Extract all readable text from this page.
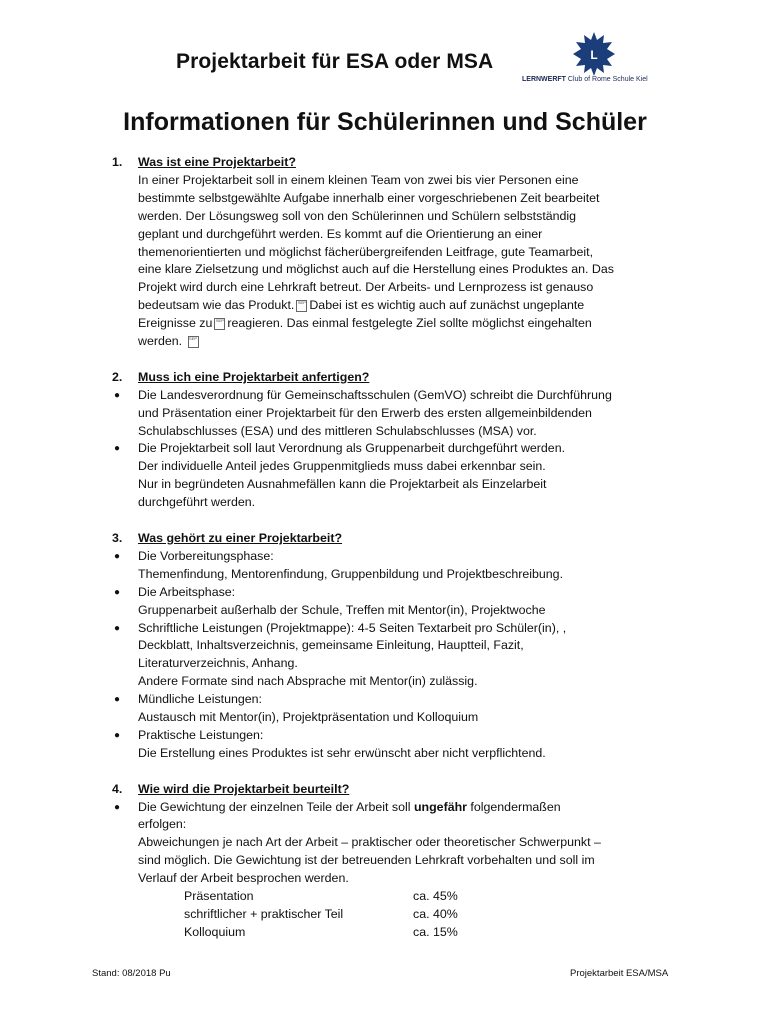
Projektarbeit für ESA oder MSA	L
LERNWERFT Club of Rome Schule Kiel
Informationen für Schülerinnen und Schüler
1. Was ist eine Projektarbeit?
In einer Projektarbeit soll in einem kleinen Team von zwei bis vier Personen eine
bestimmte selbstgewählte Aufgabe innerhalb einer vorgeschriebenen Zeit bearbeitet
werden. Der Lösungsweg soll von den Schülerinnen und Schülern selbstständig
geplant und durchgeführt werden. Es kommt auf die Orientierung an einer
themenorientierten und möglichst fächerübergreifenden Leitfrage, gute Teamarbeit,
eine klare Zielsetzung und möglichst auch auf die Herstellung eines Produktes an. Das
Projekt wird durch eine Lehrkraft betreut. Der Arbeits- und Lernprozess ist genauso
bedeutsam wie das Produkt. SEP Dabei ist es wichtig auch auf zunächst ungeplante
Ereignisse zu SEP reagieren. Das einmal festgelegte Ziel sollte möglichst eingehalten
werden. SEP
2. Muss ich eine Projektarbeit anfertigen?
● Die Landesverordnung für Gemeinschaftsschulen (GemVO) schreibt die Durchführung
und Präsentation einer Projektarbeit für den Erwerb des ersten allgemeinbildenden
Schulabschlusses (ESA) und des mittleren Schulabschlusses (MSA) vor.
● Die Projektarbeit soll laut Verordnung als Gruppenarbeit durchgeführt werden.
Der individuelle Anteil jedes Gruppenmitglieds muss dabei erkennbar sein.
Nur in begründeten Ausnahmefällen kann die Projektarbeit als Einzelarbeit
durchgeführt werden.
3. Was gehört zu einer Projektarbeit?
● Die Vorbereitungsphase:
Themenfindung, Mentorenfindung, Gruppenbildung und Projektbeschreibung.
● Die Arbeitsphase:
Gruppenarbeit außerhalb der Schule, Treffen mit Mentor(in), Projektwoche
● Schriftliche Leistungen (Projektmappe): 4-5 Seiten Textarbeit pro Schüler(in), ,
Deckblatt, Inhaltsverzeichnis, gemeinsame Einleitung, Hauptteil, Fazit,
Literaturverzeichnis, Anhang.
Andere Formate sind nach Absprache mit Mentor(in) zulässig.
● Mündliche Leistungen:
Austausch mit Mentor(in), Projektpräsentation und Kolloquium
● Praktische Leistungen:
Die Erstellung eines Produktes ist sehr erwünscht aber nicht verpflichtend.
4. Wie wird die Projektarbeit beurteilt?
● Die Gewichtung der einzelnen Teile der Arbeit soll ungefähr folgendermaßen
erfolgen:
Abweichungen je nach Art der Arbeit – praktischer oder theoretischer Schwerpunkt –
sind möglich. Die Gewichtung ist der betreuenden Lehrkraft vorbehalten und soll im
Verlauf der Arbeit besprochen werden.
Präsentation	ca. 45%
schriftlicher + praktischer Teil	ca. 40%
Kolloquium	ca. 15%
Stand: 08/2018 Pu	Projektarbeit ESA/MSA
